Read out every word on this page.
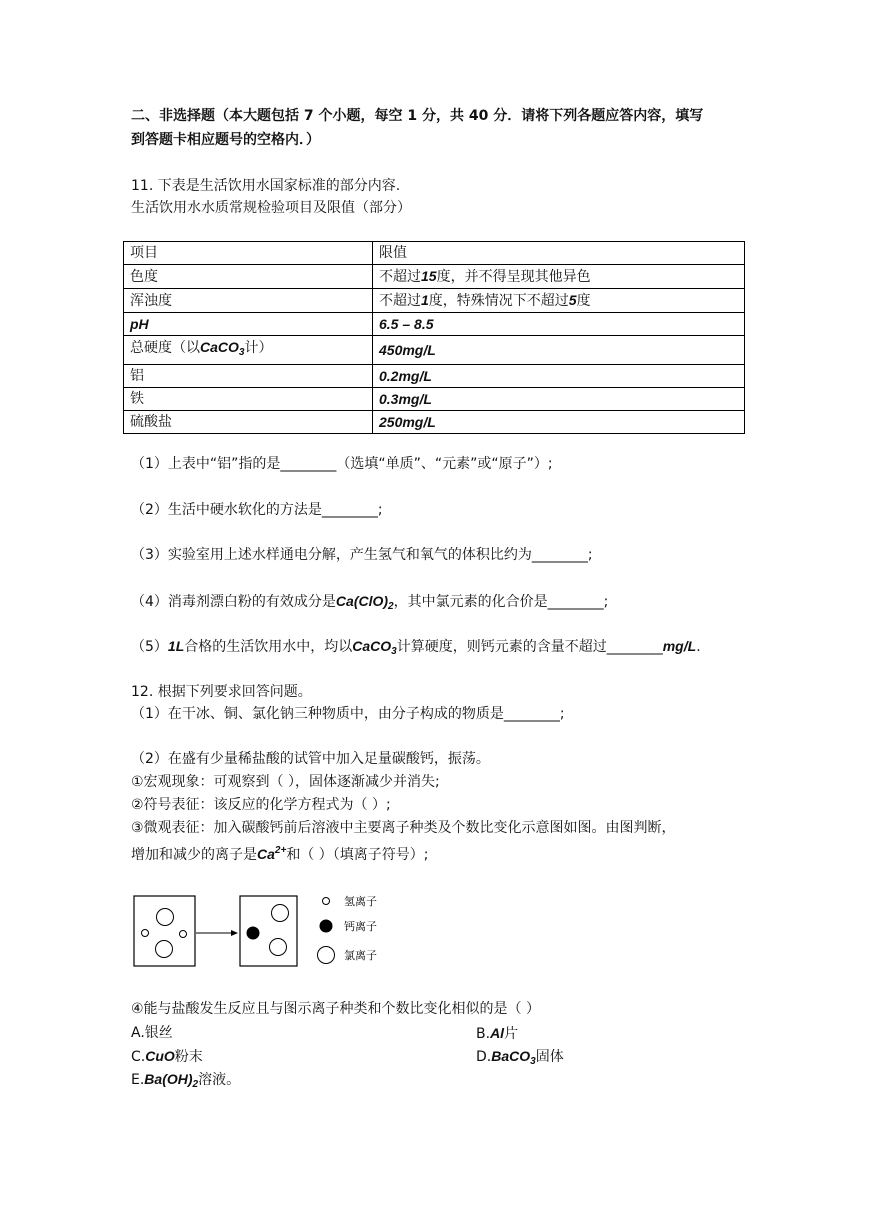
二、非选择题（本大题包括 7 个小题，每空 1 分，共 40 分．请将下列各题应答内容，填写
到答题卡相应题号的空格内．）
11. 下表是生活饮用水国家标准的部分内容.
生活饮用水水质常规检验项目及限值（部分）
项目	限值
色度	不超过15度，并不得呈现其他异色
浑浊度	不超过1度，特殊情况下不超过5度
pH	6.5 – 8.5
总硬度（以CaCO$_3$计）	450mg/L
铝	0.2mg/L
铁	0.3mg/L
硫酸盐	250mg/L
（1）上表中“铝”指的是________（选填“单质”、“元素”或“原子”）;
（2）生活中硬水软化的方法是________;
（3）实验室用上述水样通电分解，产生氢气和氧气的体积比约为________;
（4）消毒剂漂白粉的有效成分是$Ca(ClO)_2$，其中氯元素的化合价是________;
（5）1L合格的生活饮用水中，均以CaCO$_3$计算硬度，则钙元素的含量不超过________mg/L.
12. 根据下列要求回答问题。
（1）在干冰、铜、氯化钠三种物质中，由分子构成的物质是________;
（2）在盛有少量稀盐酸的试管中加入足量碳酸钙，振荡。
①宏观现象：可观察到（ ），固体逐渐减少并消失;
②符号表征：该反应的化学方程式为（ ）;
③微观表征：加入碳酸钙前后溶液中主要离子种类及个数比变化示意图如图。由图判断，
增加和减少的离子是$Ca^{2+}$和（ ）（填离子符号）;
氢离子
钙离子
氯离子
④能与盐酸发生反应且与图示离子种类和个数比变化相似的是（ ）
A.银丝	B.Al片
C.CuO粉末	D.BaCO$_3$固体
$E.Ba(OH)_2$溶液。
